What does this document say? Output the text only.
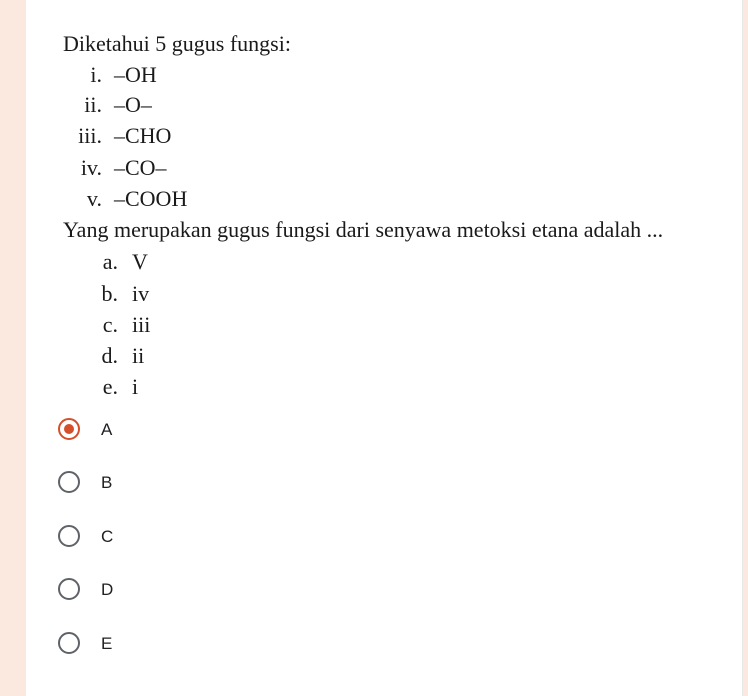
Diketahui 5 gugus fungsi:
i. –OH
ii. –O–
iii. –CHO
iv. –CO–
v. –COOH
Yang merupakan gugus fungsi dari senyawa metoksi etana adalah ...
a. V
b. iv
c. iii
d. ii
e. i
A
B
C
D
E
